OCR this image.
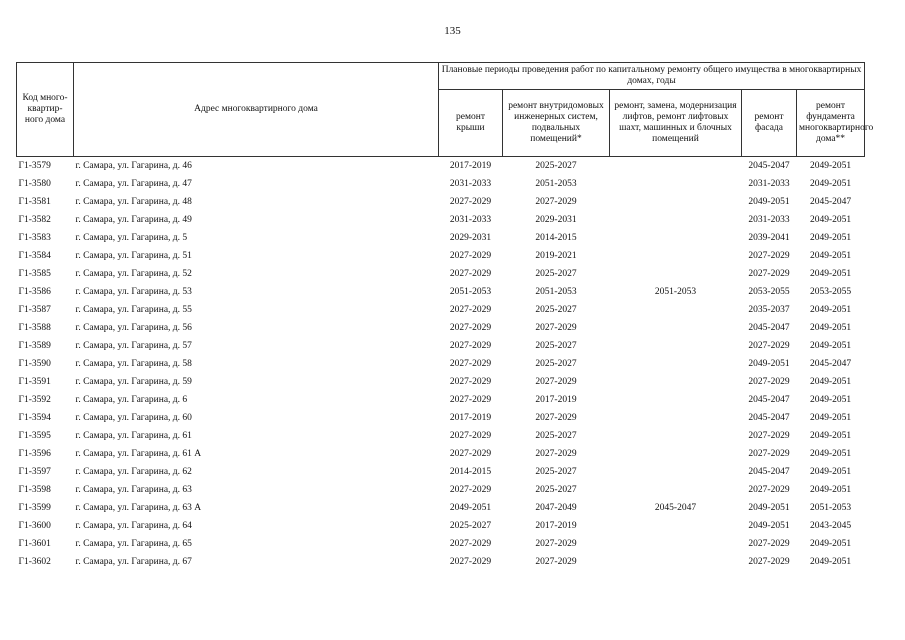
135
Код много-квартир-ного дома	Адрес многоквартирного дома	Плановые периоды проведения работ по капитальному ремонту общего имущества в многоквартирных домах, годы				
		ремонт крыши	ремонт внутридомовых инженерных систем, подвальных помещений*	ремонт, замена, модернизация лифтов, ремонт лифтовых шахт, машинных и блочных помещений	ремонт фасада	ремонт фундамента многоквартирного дома**
Г1-3579	г. Самара, ул. Гагарина, д. 46	2017-2019	2025-2027		2045-2047	2049-2051
Г1-3580	г. Самара, ул. Гагарина, д. 47	2031-2033	2051-2053		2031-2033	2049-2051
Г1-3581	г. Самара, ул. Гагарина, д. 48	2027-2029	2027-2029		2049-2051	2045-2047
Г1-3582	г. Самара, ул. Гагарина, д. 49	2031-2033	2029-2031		2031-2033	2049-2051
Г1-3583	г. Самара, ул. Гагарина, д. 5	2029-2031	2014-2015		2039-2041	2049-2051
Г1-3584	г. Самара, ул. Гагарина, д. 51	2027-2029	2019-2021		2027-2029	2049-2051
Г1-3585	г. Самара, ул. Гагарина, д. 52	2027-2029	2025-2027		2027-2029	2049-2051
Г1-3586	г. Самара, ул. Гагарина, д. 53	2051-2053	2051-2053	2051-2053	2053-2055	2053-2055
Г1-3587	г. Самара, ул. Гагарина, д. 55	2027-2029	2025-2027		2035-2037	2049-2051
Г1-3588	г. Самара, ул. Гагарина, д. 56	2027-2029	2027-2029		2045-2047	2049-2051
Г1-3589	г. Самара, ул. Гагарина, д. 57	2027-2029	2025-2027		2027-2029	2049-2051
Г1-3590	г. Самара, ул. Гагарина, д. 58	2027-2029	2025-2027		2049-2051	2045-2047
Г1-3591	г. Самара, ул. Гагарина, д. 59	2027-2029	2027-2029		2027-2029	2049-2051
Г1-3592	г. Самара, ул. Гагарина, д. 6	2027-2029	2017-2019		2045-2047	2049-2051
Г1-3594	г. Самара, ул. Гагарина, д. 60	2017-2019	2027-2029		2045-2047	2049-2051
Г1-3595	г. Самара, ул. Гагарина, д. 61	2027-2029	2025-2027		2027-2029	2049-2051
Г1-3596	г. Самара, ул. Гагарина, д. 61 А	2027-2029	2027-2029		2027-2029	2049-2051
Г1-3597	г. Самара, ул. Гагарина, д. 62	2014-2015	2025-2027		2045-2047	2049-2051
Г1-3598	г. Самара, ул. Гагарина, д. 63	2027-2029	2025-2027		2027-2029	2049-2051
Г1-3599	г. Самара, ул. Гагарина, д. 63 А	2049-2051	2047-2049	2045-2047	2049-2051	2051-2053
Г1-3600	г. Самара, ул. Гагарина, д. 64	2025-2027	2017-2019		2049-2051	2043-2045
Г1-3601	г. Самара, ул. Гагарина, д. 65	2027-2029	2027-2029		2027-2029	2049-2051
Г1-3602	г. Самара, ул. Гагарина, д. 67	2027-2029	2027-2029		2027-2029	2049-2051
